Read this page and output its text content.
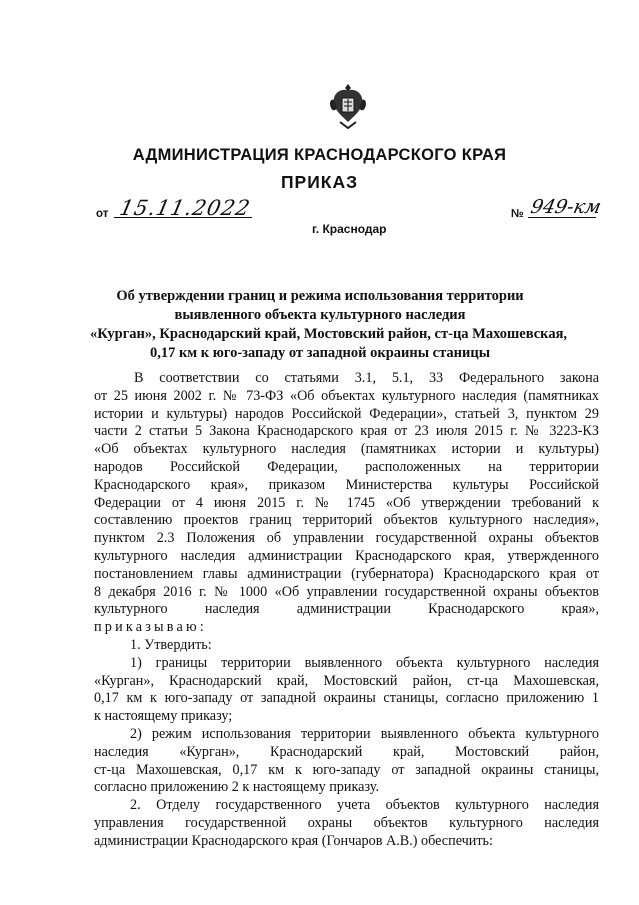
АДМИНИСТРАЦИЯ КРАСНОДАРСКОГО КРАЯ
ПРИКАЗ
от 15.11.2022
г. Краснодар
№ 949-км
Об утверждении границ и режима использования территории
выявленного объекта культурного наследия
«Курган», Краснодарский край, Мостовский район, ст-ца Махошевская,
0,17 км к юго-западу от западной окраины станицы
В соответствии со статьями 3.1, 5.1, 33 Федерального закона
от 25 июня 2002 г. № 73-ФЗ «Об объектах культурного наследия (памятниках
истории и культуры) народов Российской Федерации», статьей 3, пунктом 29
части 2 статьи 5 Закона Краснодарского края от 23 июля 2015 г. № 3223-КЗ
«Об объектах культурного наследия (памятниках истории и культуры)
народов Российской Федерации, расположенных на территории
Краснодарского края», приказом Министерства культуры Российской
Федерации от 4 июня 2015 г. № 1745 «Об утверждении требований к
составлению проектов границ территорий объектов культурного наследия»,
пунктом 2.3 Положения об управлении государственной охраны объектов
культурного наследия администрации Краснодарского края, утвержденного
постановлением главы администрации (губернатора) Краснодарского края от
8 декабря 2016 г. № 1000 «Об управлении государственной охраны объектов
культурного наследия администрации Краснодарского края»,
приказываю:
1. Утвердить:
1) границы территории выявленного объекта культурного наследия
«Курган», Краснодарский край, Мостовский район, ст-ца Махошевская,
0,17 км к юго-западу от западной окраины станицы, согласно приложению 1
к настоящему приказу;
2) режим использования территории выявленного объекта культурного
наследия «Курган», Краснодарский край, Мостовский район,
ст-ца Махошевская, 0,17 км к юго-западу от западной окраины станицы,
согласно приложению 2 к настоящему приказу.
2. Отделу государственного учета объектов культурного наследия
управления государственной охраны объектов культурного наследия
администрации Краснодарского края (Гончаров А.В.) обеспечить:
